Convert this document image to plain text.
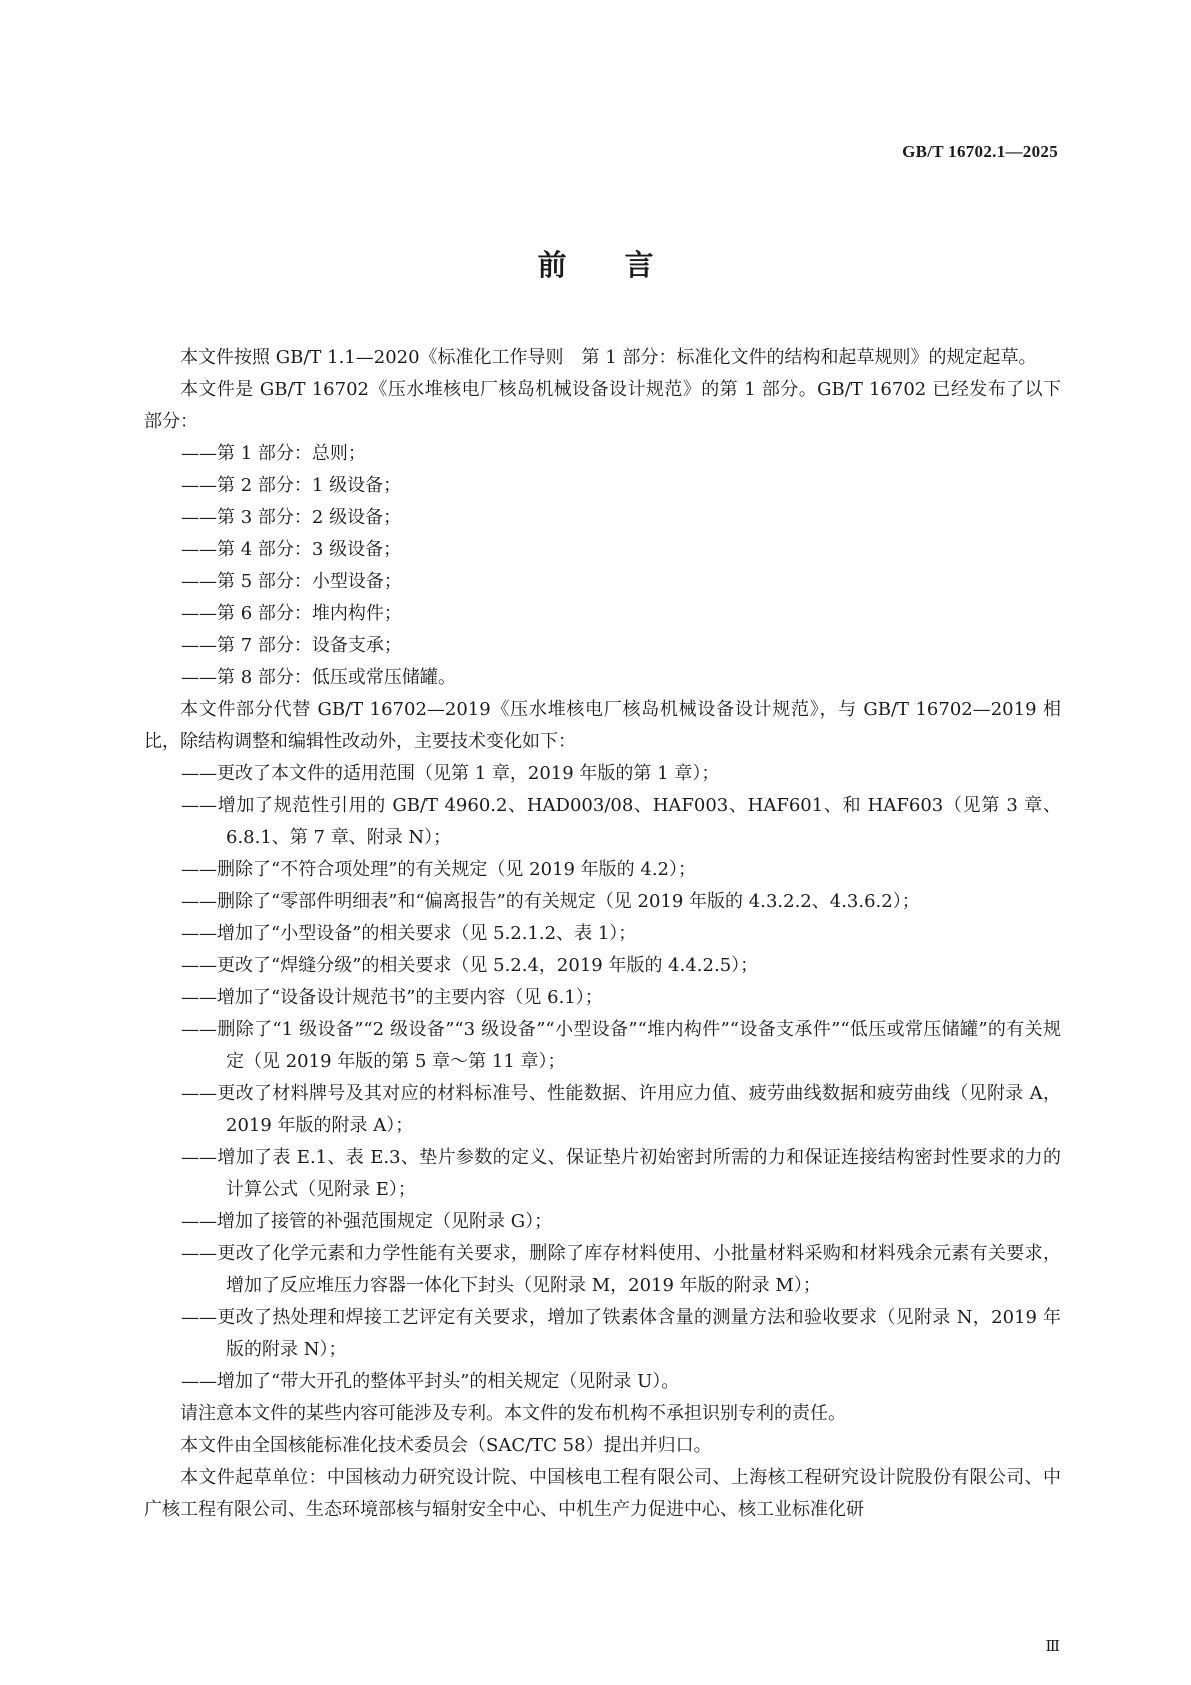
GB/T 16702.1—2025
前言

本文件按照 GB/T 1.1—2020《标准化工作导则　第 1 部分：标准化文件的结构和起草规则》的规定起草。

本文件是 GB/T 16702《压水堆核电厂核岛机械设备设计规范》的第 1 部分。GB/T 16702 已经发布了以下部分：

——第 1 部分：总则；

——第 2 部分：1 级设备；

——第 3 部分：2 级设备；

——第 4 部分：3 级设备；

——第 5 部分：小型设备；

——第 6 部分：堆内构件；

——第 7 部分：设备支承；

——第 8 部分：低压或常压储罐。

本文件部分代替 GB/T 16702—2019《压水堆核电厂核岛机械设备设计规范》，与 GB/T 16702—2019 相比，除结构调整和编辑性改动外，主要技术变化如下：

——更改了本文件的适用范围（见第 1 章，2019 年版的第 1 章）；

——增加了规范性引用的 GB/T 4960.2、HAD003/08、HAF003、HAF601、和 HAF603（见第 3 章、6.8.1、第 7 章、附录 N）；

——删除了“不符合项处理”的有关规定（见 2019 年版的 4.2）；

——删除了“零部件明细表”和“偏离报告”的有关规定（见 2019 年版的 4.3.2.2、4.3.6.2）；

——增加了“小型设备”的相关要求（见 5.2.1.2、表 1）；

——更改了“焊缝分级”的相关要求（见 5.2.4，2019 年版的 4.4.2.5）；

——增加了“设备设计规范书”的主要内容（见 6.1）；

——删除了“1 级设备”“2 级设备”“3 级设备”“小型设备”“堆内构件”“设备支承件”“低压或常压储罐”的有关规定（见 2019 年版的第 5 章～第 11 章）；

——更改了材料牌号及其对应的材料标准号、性能数据、许用应力值、疲劳曲线数据和疲劳曲线（见附录 A，2019 年版的附录 A）；

——增加了表 E.1、表 E.3、垫片参数的定义、保证垫片初始密封所需的力和保证连接结构密封性要求的力的计算公式（见附录 E）；

——增加了接管的补强范围规定（见附录 G）；

——更改了化学元素和力学性能有关要求，删除了库存材料使用、小批量材料采购和材料残余元素有关要求，增加了反应堆压力容器一体化下封头（见附录 M，2019 年版的附录 M）；

——更改了热处理和焊接工艺评定有关要求，增加了铁素体含量的测量方法和验收要求（见附录 N，2019 年版的附录 N）；

——增加了“带大开孔的整体平封头”的相关规定（见附录 U）。

请注意本文件的某些内容可能涉及专利。本文件的发布机构不承担识别专利的责任。

本文件由全国核能标准化技术委员会（SAC/TC 58）提出并归口。

本文件起草单位：中国核动力研究设计院、中国核电工程有限公司、上海核工程研究设计院股份有限公司、中广核工程有限公司、生态环境部核与辐射安全中心、中机生产力促进中心、核工业标准化研

Ⅲ
